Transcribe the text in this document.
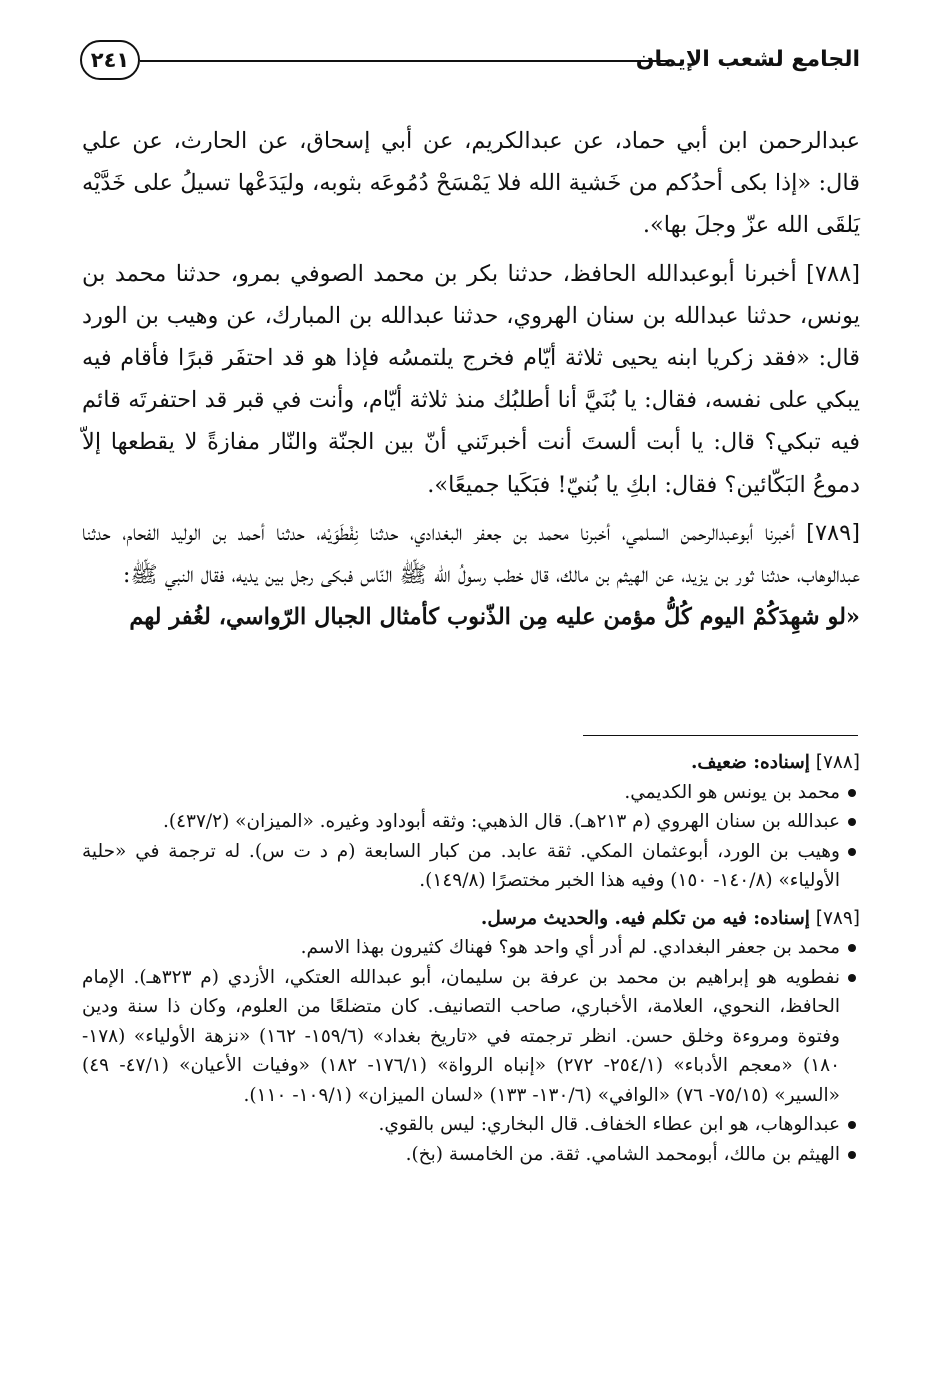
٢٤١	الجامع لشعب الإيمان

عبدالرحمن ابن أبي حماد، عن عبدالكريم، عن أبي إسحاق، عن الحارث، عن علي قال: «إذا بكى أحدُكم من خَشية الله فلا يَمْسَحْ دُمُوعَه بثوبه، وليَدَعْها تسيلُ على خَدَّيْه يَلقَى الله عزّ وجلَ بها».

[٧٨٨] أخبرنا أبوعبدالله الحافظ، حدثنا بكر بن محمد الصوفي بمرو، حدثنا محمد بن يونس، حدثنا عبدالله بن سنان الهروي، حدثنا عبدالله بن المبارك، عن وهيب بن الورد قال: «فقد زكريا ابنه يحيى ثلاثة أيّام فخرج يلتمسُه فإذا هو قد احتفَر قبرًا فأقام فيه يبكي على نفسه، فقال: يا بُنَيَّ أنا أطلبُك منذ ثلاثة أيّام، وأنت في قبر قد احتفرتَه قائم فيه تبكي؟ قال: يا أبت ألستَ أنت أخبرتَني أنّ بين الجنّة والنّار مفازةً لا يقطعها إلاّ دموعُ البَكّائين؟ فقال: ابكِ يا بُنيّ! فبَكَيا جميعًا».

[٧٨٩] أخبرنا أبوعبدالرحمن السلمي، أخبرنا محمد بن جعفر البغدادي، حدثنا نِفْطَوَيْه، حدثنا أحمد بن الوليد الفحام، حدثنا عبدالوهاب، حدثنا ثور بن يزيد، عن الهيثم بن مالك، قال خطب رسولُ الله ﷺ النّاس فبكى رجل بين يديه، فقال النبي ﷺ:

«لو شهِدَكُمْ اليوم كُلُّ مؤمن عليه مِن الذّنوب كأمثال الجبال الرّواسي، لغُفر لهم

[٧٨٨] إسناده: ضعيف.

محمد بن يونس هو الكديمي.
عبدالله بن سنان الهروي (م ٢١٣هـ). قال الذهبي: وثقه أبوداود وغيره. «الميزان» (٤٣٧/٢).
وهيب بن الورد، أبوعثمان المكي. ثقة عابد. من كبار السابعة (م د ت س). له ترجمة في «حلية الأولياء» (١٤٠/٨- ١٥٠) وفيه هذا الخبر مختصرًا (١٤٩/٨).

[٧٨٩] إسناده: فيه من تكلم فيه. والحديث مرسل.

محمد بن جعفر البغدادي. لم أدر أي واحد هو؟ فهناك كثيرون بهذا الاسم.
نفطويه هو إبراهيم بن محمد بن عرفة بن سليمان، أبو عبدالله العتكي، الأزدي (م ٣٢٣هـ). الإمام الحافظ، النحوي، العلامة، الأخباري، صاحب التصانيف. كان متضلعًا من العلوم، وكان ذا سنة ودين وفتوة ومروءة وخلق حسن. انظر ترجمته في «تاريخ بغداد» (١٥٩/٦- ١٦٢) «نزهة الأولياء» (١٧٨- ١٨٠) «معجم الأدباء» (٢٥٤/١- ٢٧٢) «إنباه الرواة» (١٧٦/١- ١٨٢) «وفيات الأعيان» (٤٧/١- ٤٩) «السير» (٧٥/١٥- ٧٦) «الوافي» (١٣٠/٦- ١٣٣) «لسان الميزان» (١٠٩/١- ١١٠).
عبدالوهاب، هو ابن عطاء الخفاف. قال البخاري: ليس بالقوي.
الهيثم بن مالك، أبومحمد الشامي. ثقة. من الخامسة (بخ).
